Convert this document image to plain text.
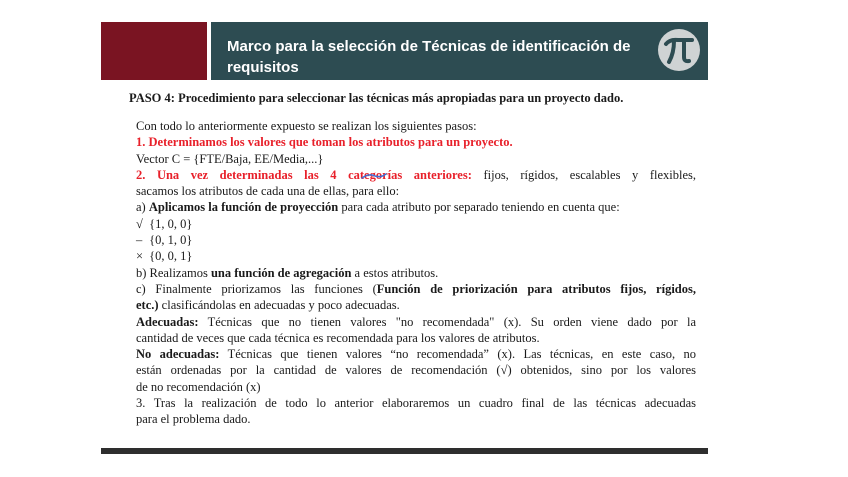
Marco para la selección de Técnicas de identificación de requisitos
PASO 4: Procedimiento para seleccionar las técnicas más apropiadas para un proyecto dado.
Con todo lo anteriormente expuesto se realizan los siguientes pasos:
1. Determinamos los valores que toman los atributos para un proyecto.
Vector C = {FTE/Baja, EE/Media,...}
2. Una vez determinadas las 4 categorías anteriores: fijos, rígidos, escalables y flexibles,
sacamos los atributos de cada una de ellas, para ello:
a) Aplicamos la función de proyección para cada atributo por separado teniendo en cuenta que:
√ {1, 0, 0}
– {0, 1, 0}
× {0, 0, 1}
b) Realizamos una función de agregación a estos atributos.
c) Finalmente priorizamos las funciones (Función de priorización para atributos fijos, rígidos,
etc.) clasificándolas en adecuadas y poco adecuadas.
Adecuadas: Técnicas que no tienen valores "no recomendada" (x). Su orden viene dado por la
cantidad de veces que cada técnica es recomendada para los valores de atributos.
No adecuadas: Técnicas que tienen valores “no recomendada” (x). Las técnicas, en este caso, no
están ordenadas por la cantidad de valores de recomendación (√) obtenidos, sino por los valores
de no recomendación (x)
3. Tras la realización de todo lo anterior elaboraremos un cuadro final de las técnicas adecuadas
para el problema dado.
